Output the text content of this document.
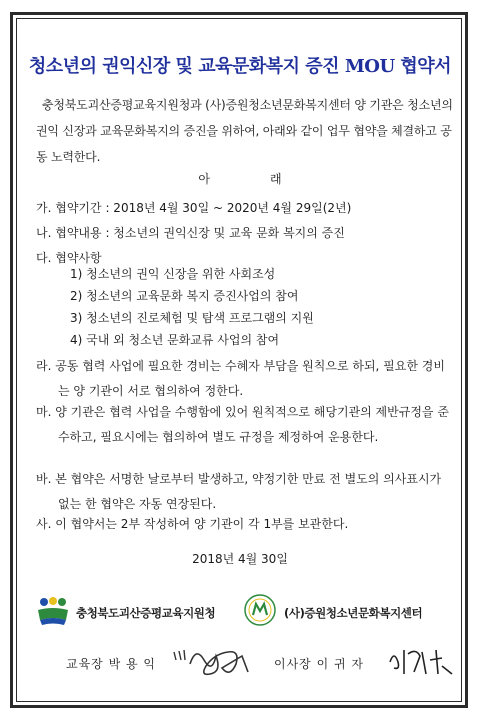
청소년의 권익신장 및 교육문화복지 증진 MOU 협약서

충청북도괴산증평교육지원청과 (사)증원청소년문화복지센터 양 기관은 청소년의 권익 신장과 교육문화복지의 증진을 위하여, 아래와 같이 업무 협약을 체결하고 공동 노력한다.

아	래
가. 협약기간 : 2018년 4월 30일 ~ 2020년 4월 29일(2년)
나. 협약내용 : 청소년의 권익신장 및 교육 문화 복지의 증진
다. 협약사항
1) 청소년의 권익 신장을 위한 사회조성
2) 청소년의 교육문화 복지 증진사업의 참여
3) 청소년의 진로체험 및 탐색 프로그램의 지원
4) 국내 외 청소년 문화교류 사업의 참여
라. 공동 협력 사업에 필요한 경비는 수혜자 부담을 원칙으로 하되, 필요한 경비는 양 기관이 서로 협의하여 정한다.
마. 양 기관은 협력 사업을 수행함에 있어 원칙적으로 해당기관의 제반규정을 준수하고, 필요시에는 협의하여 별도 규정을 제정하여 운용한다.
바. 본 협약은 서명한 날로부터 발생하고, 약정기한 만료 전 별도의 의사표시가 없는 한 협약은 자동 연장된다.
사. 이 협약서는 2부 작성하여 양 기관이 각 1부를 보관한다.
2018년 4월 30일
충청북도괴산증평교육지원청	(사)증원청소년문화복지센터
교육장 박 용 익	이사장 이 귀 자
